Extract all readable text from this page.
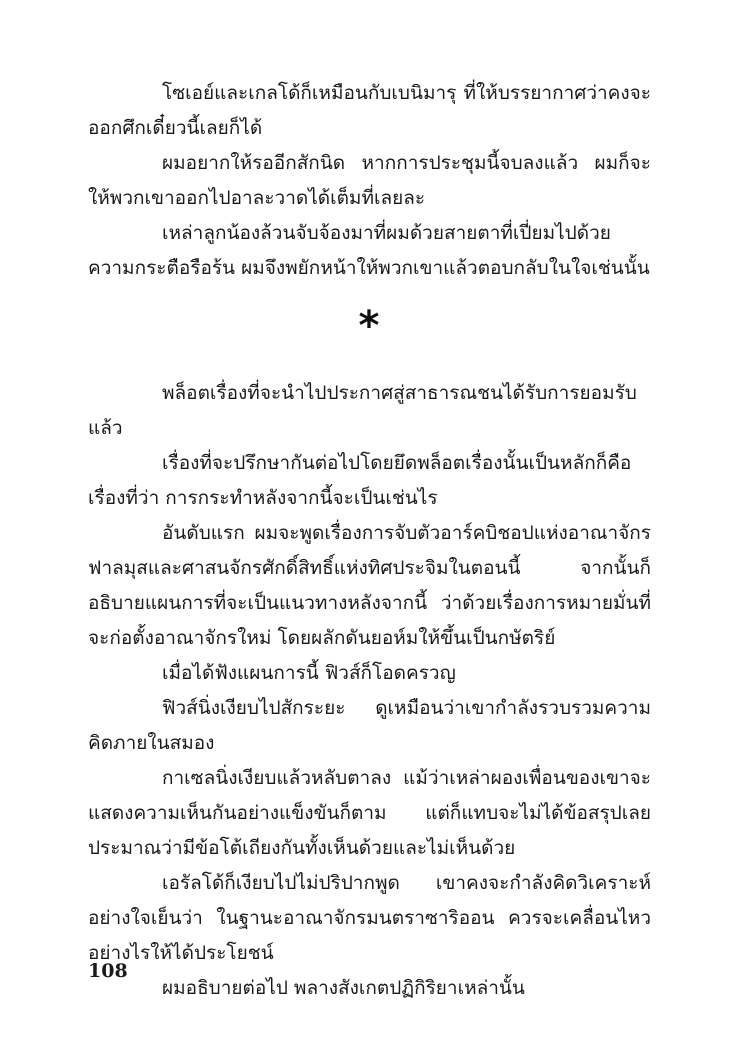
โซเอย์และเกลโด้ก็เหมือนกับเบนิมารุ ที่ให้บรรยากาศว่าคงจะออกศึกเดี๋ยวนี้เลยก็ได้

ผมอยากให้รออีกสักนิด หากการประชุมนี้จบลงแล้ว ผมก็จะให้พวกเขาออกไปอาละวาดได้เต็มที่เลยละ

เหล่าลูกน้องล้วนจับจ้องมาที่ผมด้วยสายตาที่เปี่ยมไปด้วยความกระตือรือร้น ผมจึงพยักหน้าให้พวกเขาแล้วตอบกลับในใจเช่นนั้น

*

พล็อตเรื่องที่จะนำไปประกาศสู่สาธารณชนได้รับการยอมรับแล้ว

เรื่องที่จะปรึกษากันต่อไปโดยยึดพล็อตเรื่องนั้นเป็นหลักก็คือเรื่องที่ว่า การกระทำหลังจากนี้จะเป็นเช่นไร

อันดับแรก ผมจะพูดเรื่องการจับตัวอาร์คบิชอปแห่งอาณาจักรฟาลมุสและศาสนจักรศักดิ์สิทธิ์แห่งทิศประจิมในตอนนี้ จากนั้นก็อธิบายแผนการที่จะเป็นแนวทางหลังจากนี้ ว่าด้วยเรื่องการหมายมั่นที่จะก่อตั้งอาณาจักรใหม่ โดยผลักดันยอห์มให้ขึ้นเป็นกษัตริย์

เมื่อได้ฟังแผนการนี้ ฟิวส์ก็โอดครวญ

ฟิวส์นิ่งเงียบไปสักระยะ ดูเหมือนว่าเขากำลังรวบรวมความคิดภายในสมอง

กาเซลนิ่งเงียบแล้วหลับตาลง แม้ว่าเหล่าผองเพื่อนของเขาจะแสดงความเห็นกันอย่างแข็งขันก็ตาม แต่ก็แทบจะไม่ได้ข้อสรุปเลย ประมาณว่ามีข้อโต้เถียงกันทั้งเห็นด้วยและไม่เห็นด้วย

เอรัลโด้ก็เงียบไปไม่ปริปากพูด เขาคงจะกำลังคิดวิเคราะห์อย่างใจเย็นว่า ในฐานะอาณาจักรมนตราซาริออน ควรจะเคลื่อนไหวอย่างไรให้ได้ประโยชน์

ผมอธิบายต่อไป พลางสังเกตปฏิกิริยาเหล่านั้น

108
